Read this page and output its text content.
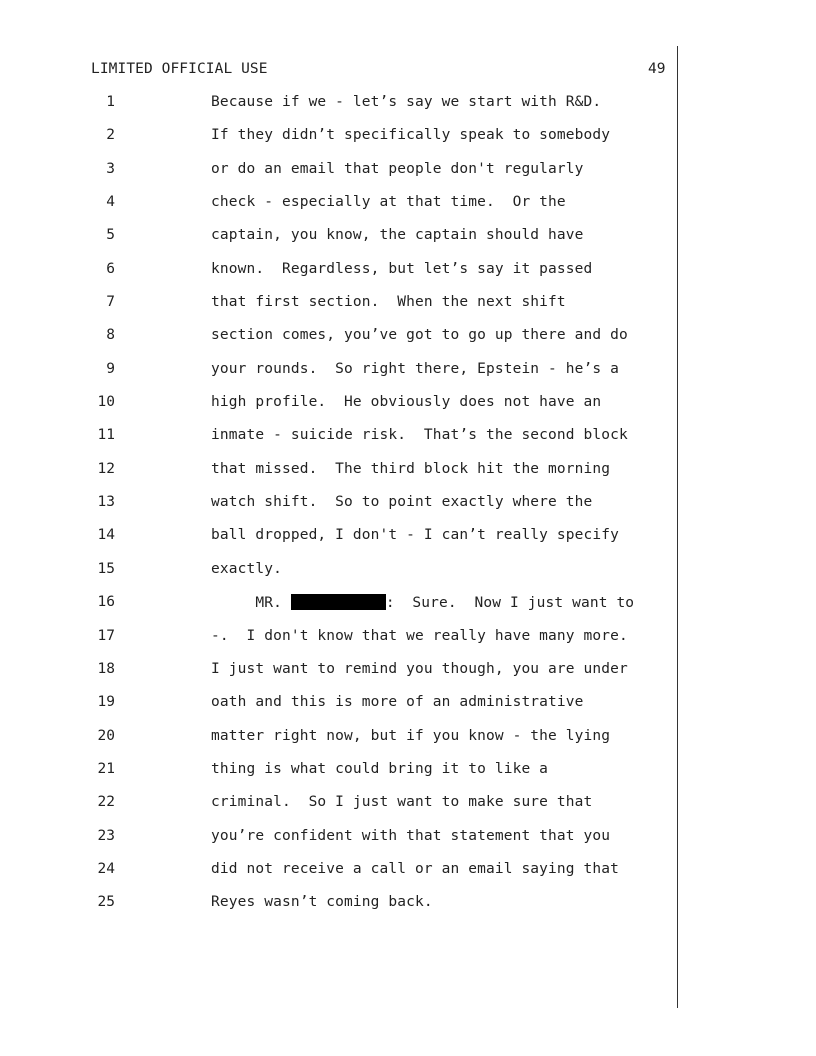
LIMITED OFFICIAL USE	49

1

	Because if we - let’s say we start with R&D.

2

	If they didn’t specifically speak to somebody

3

	or do an email that people don't regularly

4

	check - especially at that time.  Or the

5

	captain, you know, the captain should have

6

	known.  Regardless, but let’s say it passed

7

	that first section.  When the next shift

8

	section comes, you’ve got to go up there and do

9

	your rounds.  So right there, Epstein - he’s a

10

	high profile.  He obviously does not have an

11

	inmate - suicide risk.  That’s the second block

12

	that missed.  The third block hit the morning

13

	watch shift.  So to point exactly where the

14

	ball dropped, I don't - I can’t really specify

15

	exactly.

16

	MR.	:  Sure.  Now I just want to

17

	-.  I don't know that we really have many more.

18

	I just want to remind you though, you are under

19

	oath and this is more of an administrative

20

	matter right now, but if you know - the lying

21

	thing is what could bring it to like a

22

	criminal.  So I just want to make sure that

23

	you’re confident with that statement that you

24

	did not receive a call or an email saying that

25

	Reyes wasn’t coming back.
